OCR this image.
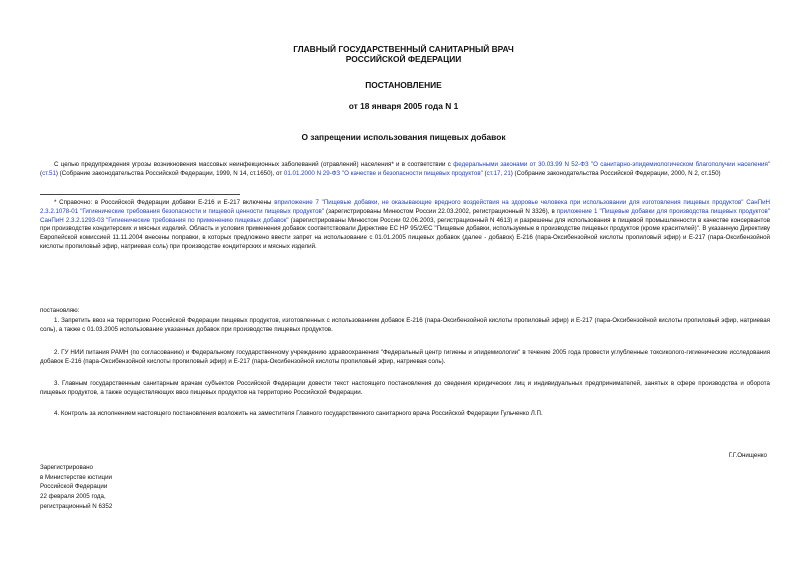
ГЛАВНЫЙ ГОСУДАРСТВЕННЫЙ САНИТАРНЫЙ ВРАЧ

РОССИЙСКОЙ ФЕДЕРАЦИИ

ПОСТАНОВЛЕНИЕ
от 18 января 2005 года N 1
О запрещении использования пищевых добавок
С целью предупреждения угрозы возникновения массовых неинфекционных заболеваний (отравлений) населения* и в соответствии с федеральными законами от 30.03.99 N 52-ФЗ "О санитарно-эпидемиологическом благополучии населения" (ст.51) (Собрание законодательства Российской Федерации, 1999, N 14, ст.1650), от 01.01.2000 N 29-ФЗ "О качестве и безопасности пищевых продуктов" (ст.17, 21) (Собрание законодательства Российской Федерации, 2000, N 2, ст.150)
* Справочно: в Российской Федерации добавки Е-216 и Е-217 включены вприложение 7 "Пищевые добавки, не оказывающие вредного воздействия на здоровье человека при использовании для изготовления пищевых продуктов" СанПиН 2.3.2.1078-01 "Гигиенические требования безопасности и пищевой ценности пищевых продуктов" (зарегистрированы Минюстом России 22.03.2002, регистрационный N 3326), в приложение 1 "Пищевые добавки для производства пищевых продуктов" СанПиН 2.3.2.1293-03 "Гигиенические требования по применению пищевых добавок" (зарегистрированы Минюстом России 02.06.2003, регистрационный N 4613) и разрешены для использования в пищевой промышленности в качестве консервантов при производстве кондитерских и мясных изделий. Область и условия применения добавок соответствовали Директиве ЕС НР 95/2/ЕС "Пищевые добавки, используемые в производстве пищевых продуктов (кроме красителей)". В указанную Директиву Европейской комиссией 11.11.2004 внесены поправки, в которых предложено ввести запрет на использование с 01.01.2005 пищевых добавок (далее - добавок) Е-216 (пара-Оксибензойной кислоты пропиловый эфир) и Е-217 (пара-Оксибензойной кислоты пропиловый эфир, натриевая соль) при производстве кондитерских и мясных изделий.
постановляю:
1. Запретить ввоз на территорию Российской Федерации пищевых продуктов, изготовленных с использованием добавок Е-216 (пара-Оксибензойной кислоты пропиловый эфир) и Е-217 (пара-Оксибензойной кислоты пропиловый эфир, натриевая соль), а также с 01.03.2005 использование указанных добавок при производстве пищевых продуктов.
2. ГУ НИИ питания РАМН (по согласованию) и Федеральному государственному учреждению здравоохранения "Федеральный центр гигиены и эпидемиологии" в течение 2005 года провести углубленные токсиколого-гигиенические исследования добавок Е-216 (пара-Оксибензойной кислоты пропиловый эфир) и Е-217 (пара-Оксибензойной кислоты пропиловый эфир, натриевая соль).
3. Главным государственным санитарным врачам субъектов Российской Федерации довести текст настоящего постановления до сведения юридических лиц и индивидуальных предпринимателей, занятых в сфере производства и оборота пищевых продуктов, а также осуществляющих ввоз пищевых продуктов на территорию Российской Федерации.
4. Контроль за исполнением настоящего постановления возложить на заместителя Главного государственного санитарного врача Российской Федерации Гульченко Л.П.
Г.Г.Онищенко

Зарегистрировано

в Министерстве юстиции

Российской Федерации

22 февраля 2005 года,

регистрационный N 6352
